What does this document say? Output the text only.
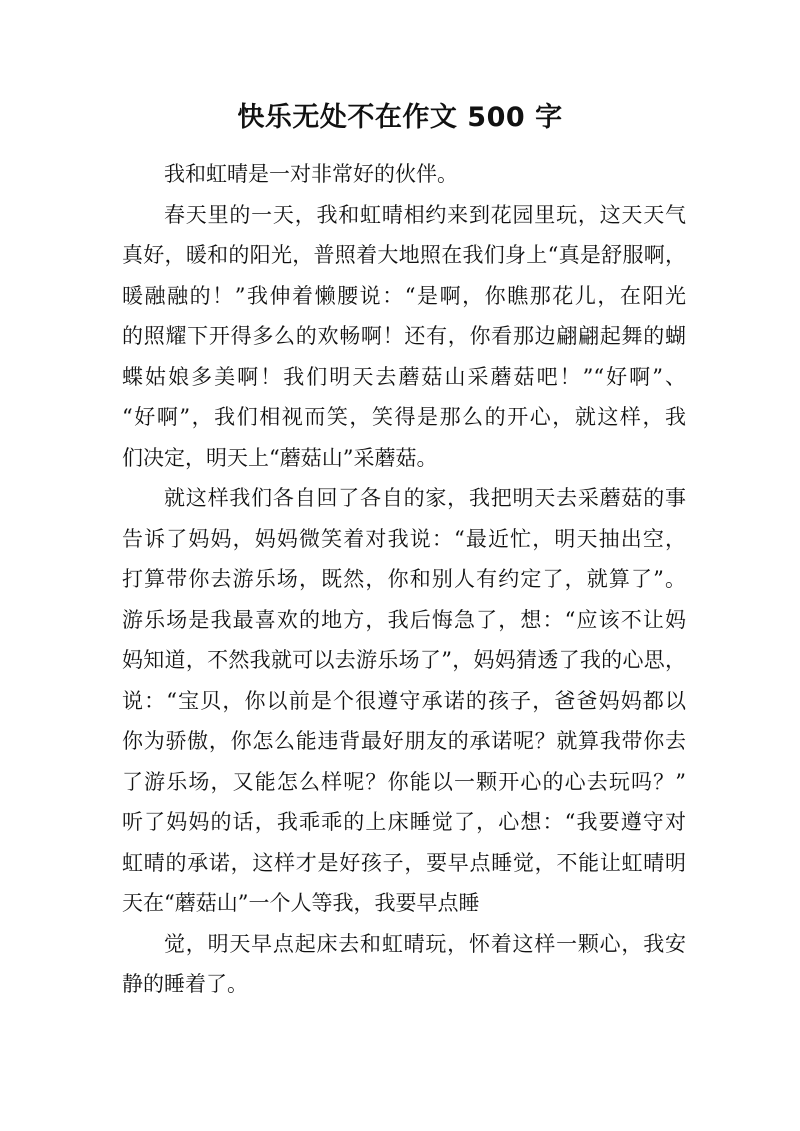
快乐无处不在作文 500 字
我和虹晴是一对非常好的伙伴。
春天里的一天，我和虹晴相约来到花园里玩，这天天气
真好，暖和的阳光，普照着大地照在我们身上“真是舒服啊，
暖融融的！”我伸着懒腰说：“是啊，你瞧那花儿，在阳光
的照耀下开得多么的欢畅啊！还有，你看那边翩翩起舞的蝴
蝶姑娘多美啊！我们明天去蘑菇山采蘑菇吧！”“好啊”、
“好啊”，我们相视而笑，笑得是那么的开心，就这样，我
们决定，明天上“蘑菇山”采蘑菇。
就这样我们各自回了各自的家，我把明天去采蘑菇的事
告诉了妈妈，妈妈微笑着对我说：“最近忙，明天抽出空，
打算带你去游乐场，既然，你和别人有约定了，就算了”。
游乐场是我最喜欢的地方，我后悔急了，想：“应该不让妈
妈知道，不然我就可以去游乐场了”，妈妈猜透了我的心思，
说：“宝贝，你以前是个很遵守承诺的孩子，爸爸妈妈都以
你为骄傲，你怎么能违背最好朋友的承诺呢？就算我带你去
了游乐场，又能怎么样呢？你能以一颗开心的心去玩吗？”
听了妈妈的话，我乖乖的上床睡觉了，心想：“我要遵守对
虹晴的承诺，这样才是好孩子，要早点睡觉，不能让虹晴明
天在“蘑菇山”一个人等我，我要早点睡
觉，明天早点起床去和虹晴玩，怀着这样一颗心，我安
静的睡着了。
